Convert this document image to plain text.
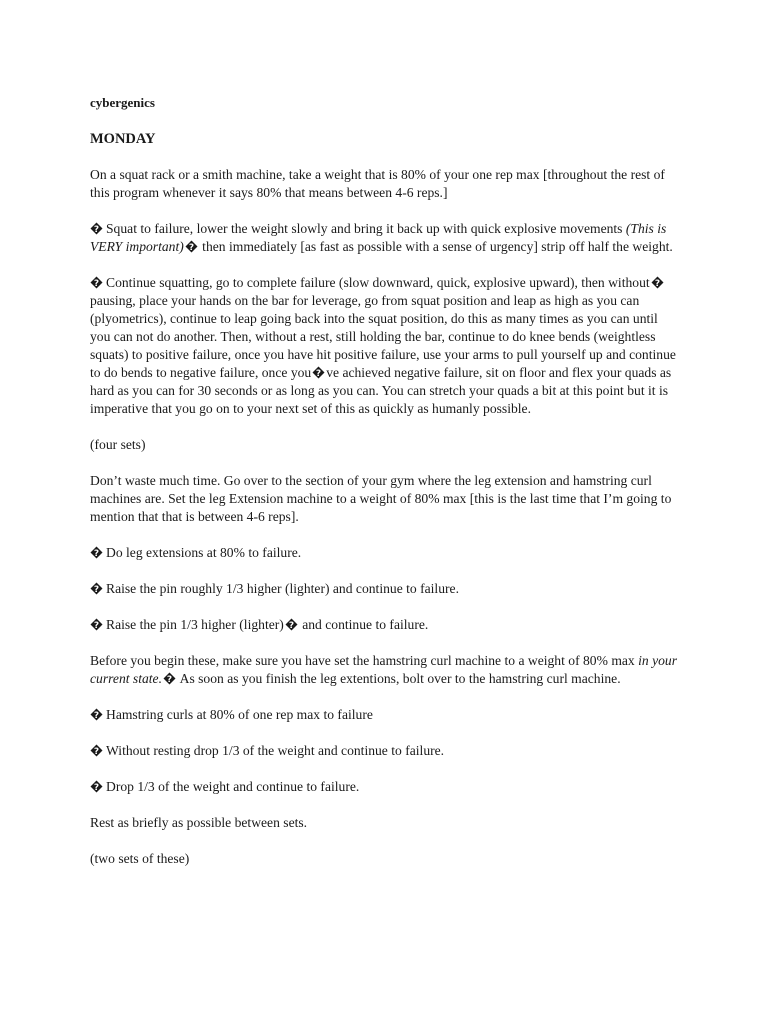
cybergenics

MONDAY

On a squat rack or a smith machine, take a weight that is 80% of your one rep max [throughout the rest of this program whenever it says 80% that means between 4-6 reps.]

? Squat to failure, lower the weight slowly and bring it back up with quick explosive movements (This is VERY important) ? then immediately [as fast as possible with a sense of urgency] strip off half the weight.

? Continue squatting, go to complete failure (slow downward, quick, explosive upward), then without ?
pausing, place your hands on the bar for leverage, go from squat position and leap as high as you can (plyometrics), continue to leap going back into the squat position, do this as many times as you can until you can not do another. Then, without a rest, still holding the bar, continue to do knee bends (weightless squats) to positive failure, once you have hit positive failure, use your arms to pull yourself up and continue to do bends to negative failure, once you ? ve achieved negative failure, sit on floor and flex your quads as hard as you can for 30 seconds or as long as you can. You can stretch your quads a bit at this point but it is imperative that you go on to your next set of this as quickly as humanly possible.

(four sets)

Don’t waste much time. Go over to the section of your gym where the leg extension and hamstring curl machines are. Set the leg Extension machine to a weight of 80% max [this is the last time that I’m going to mention that that is between 4-6 reps].

? Do leg extensions at 80% to failure.

? Raise the pin roughly 1/3 higher (lighter) and continue to failure.

? Raise the pin 1/3 higher (lighter) ? and continue to failure.

Before you begin these, make sure you have set the hamstring curl machine to a weight of 80% max in your current state. ? As soon as you finish the leg extentions, bolt over to the hamstring curl machine.

? Hamstring curls at 80% of one rep max to failure

? Without resting drop 1/3 of the weight and continue to failure.

? Drop 1/3 of the weight and continue to failure.

Rest as briefly as possible between sets.

(two sets of these)
